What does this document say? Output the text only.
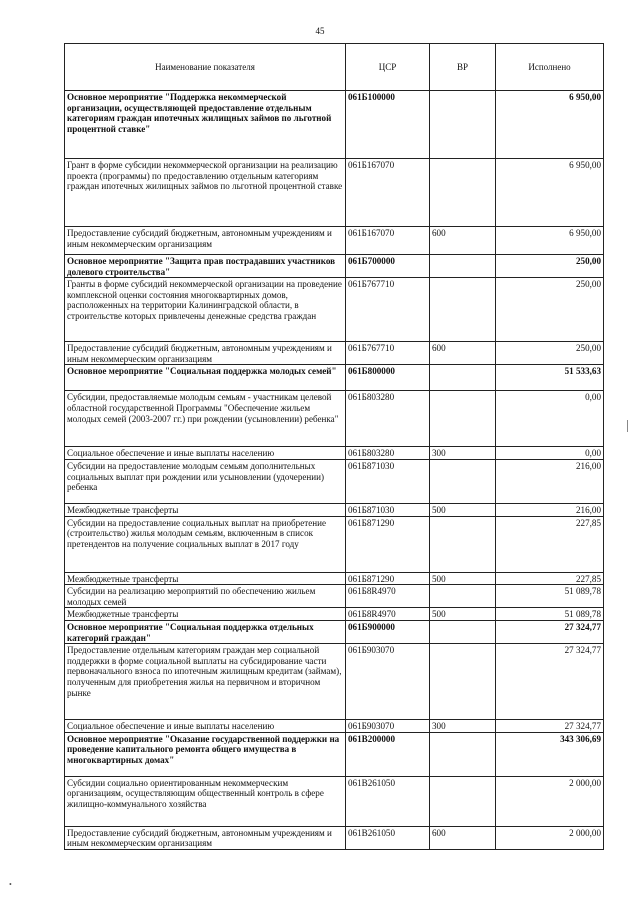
45
Наименование показателя	ЦСР	ВР	Исполнено
Основное мероприятие "Поддержка некоммерческой организации, осуществляющей предоставление отдельным категориям граждан ипотечных жилищных займов по льготной процентной ставке"	061Б100000		6 950,00
Грант в форме субсидии некоммерческой организации на реализацию проекта (программы) по предоставлению отдельным категориям граждан ипотечных жилищных займов по льготной процентной ставке	061Б167070		6 950,00
Предоставление субсидий бюджетным, автономным учреждениям и иным некоммерческим организациям	061Б167070	600	6 950,00
Основное мероприятие "Защита прав пострадавших участников долевого строительства"	061Б700000		250,00
Гранты в форме субсидий некоммерческой организации на проведение комплексной оценки состояния многоквартирных домов, расположенных на территории Калининградской области, в строительстве которых привлечены денежные средства граждан	061Б767710		250,00
Предоставление субсидий бюджетным, автономным учреждениям и иным некоммерческим организациям	061Б767710	600	250,00
Основное мероприятие "Социальная поддержка молодых семей"	061Б800000		51 533,63
Субсидии, предоставляемые молодым семьям - участникам целевой областной государственной Программы "Обеспечение жильем молодых семей (2003-2007 гг.) при рождении (усыновлении) ребенка"	061Б803280		0,00
Социальное обеспечение и иные выплаты населению	061Б803280	300	0,00
Субсидии на предоставление молодым семьям дополнительных социальных выплат при рождении или усыновлении (удочерении) ребенка	061Б871030		216,00
Межбюджетные трансферты	061Б871030	500	216,00
Субсидии на предоставление социальных выплат на приобретение (строительство) жилья молодым семьям, включенным в список претендентов на получение социальных выплат в 2017 году	061Б871290		227,85
Межбюджетные трансферты	061Б871290	500	227,85
Субсидии на реализацию мероприятий по обеспечению жильем молодых семей	061Б8R4970		51 089,78
Межбюджетные трансферты	061Б8R4970	500	51 089,78
Основное мероприятие "Социальная поддержка отдельных категорий граждан"	061Б900000		27 324,77
Предоставление отдельным категориям граждан мер социальной поддержки в форме социальной выплаты на субсидирование части первоначального взноса по ипотечным жилищным кредитам (займам), полученным для приобретения жилья на первичном и вторичном рынке	061Б903070		27 324,77
Социальное обеспечение и иные выплаты населению	061Б903070	300	27 324,77
Основное мероприятие "Оказание государственной поддержки на проведение капитального ремонта общего имущества в многоквартирных домах"	061В200000		343 306,69
Субсидии социально ориентированным некоммерческим организациям, осуществляющим общественный контроль в сфере жилищно-коммунального хозяйства	061В261050		2 000,00
Предоставление субсидий бюджетным, автономным учреждениям и иным некоммерческим организациям	061В261050	600	2 000,00
•
